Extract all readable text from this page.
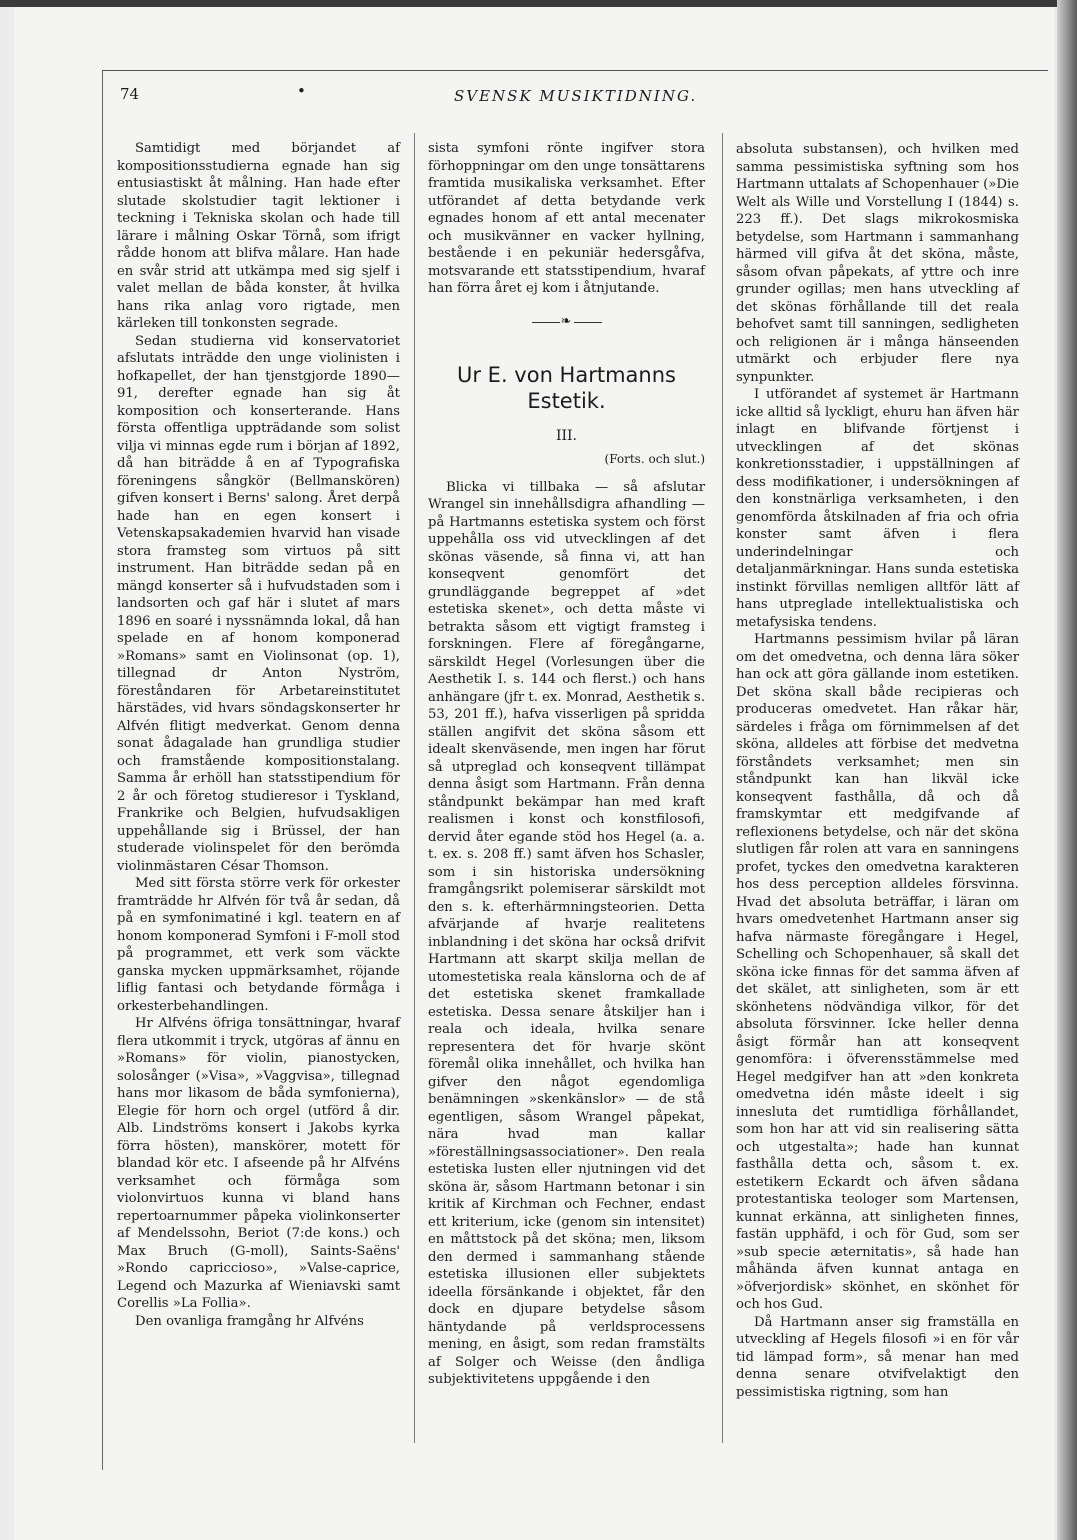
74	•	SVENSK MUSIKTIDNING.

Samtidigt med börjandet af kompositionsstudierna egnade han sig entusiastiskt åt målning. Han hade efter slutade skolstudier tagit lektioner i teckning i Tekniska skolan och hade till lärare i målning Oskar Törnå, som ifrigt rådde honom att blifva målare. Han hade en svår strid att utkämpa med sig sjelf i valet mellan de båda konster, åt hvilka hans rika anlag voro rigtade, men kärleken till tonkonsten segrade.

Sedan studierna vid konservatoriet afslutats inträdde den unge violinisten i hofkapellet, der han tjenstgjorde 1890—91, derefter egnade han sig åt komposition och konserterande. Hans första offentliga uppträdande som solist vilja vi minnas egde rum i början af 1892, då han biträdde å en af Typografiska föreningens sångkör (Bellmanskören) gifven konsert i Berns' salong. Året derpå hade han en egen konsert i Vetenskapsakademien hvarvid han visade stora framsteg som virtuos på sitt instrument. Han biträdde sedan på en mängd konserter så i hufvudstaden som i landsorten och gaf här i slutet af mars 1896 en soaré i nyssnämnda lokal, då han spelade en af honom komponerad »Romans» samt en Violinsonat (op. 1), tillegnad dr Anton Nyström, föreståndaren för Arbetareinstitutet härstädes, vid hvars söndagskonserter hr Alfvén flitigt medverkat. Genom denna sonat ådagalade han grundliga studier och framstående kompositionstalang. Samma år erhöll han statsstipendium för 2 år och företog studieresor i Tyskland, Frankrike och Belgien, hufvudsakligen uppehållande sig i Brüssel, der han studerade violinspelet för den berömda violinmästaren César Thomson.

Med sitt första större verk för orkester framträdde hr Alfvén för två år sedan, då på en symfonimatiné i kgl. teatern en af honom komponerad Symfoni i F-moll stod på programmet, ett verk som väckte ganska mycken uppmärksamhet, röjande liflig fantasi och betydande förmåga i orkesterbehandlingen.

Hr Alfvéns öfriga tonsättningar, hvaraf flera utkommit i tryck, utgöras af ännu en »Romans» för violin, pianostycken, solosånger (»Visa», »Vaggvisa», tillegnad hans mor likasom de båda symfonierna), Elegie för horn och orgel (utförd å dir. Alb. Lindströms konsert i Jakobs kyrka förra hösten), manskörer, motett för blandad kör etc. I afseende på hr Alfvéns verksamhet och förmåga som violonvirtuos kunna vi bland hans repertoarnummer påpeka violinkonserter af Mendelssohn, Beriot (7:de kons.) och Max Bruch (G-moll), Saints-Saëns' »Rondo capriccioso», »Valse-caprice, Legend och Mazurka af Wieniavski samt Corellis »La Follia».

Den ovanliga framgång hr Alfvéns

sista symfoni rönte ingifver stora förhoppningar om den unge tonsättarens framtida musikaliska verksamhet. Efter utförandet af detta betydande verk egnades honom af ett antal mecenater och musikvänner en vacker hyllning, bestående i en pekuniär hedersgåfva, motsvarande ett statsstipendium, hvaraf han förra året ej kom i åtnjutande.

❧
Ur E. von Hartmanns
Estetik.
III.
(Forts. och slut.)

Blicka vi tillbaka — så afslutar Wrangel sin innehållsdigra afhandling — på Hartmanns estetiska system och först uppehålla oss vid utvecklingen af det skönas väsende, så finna vi, att han konseqvent genomfört det grundläggande begreppet af »det estetiska skenet», och detta måste vi betrakta såsom ett vigtigt framsteg i forskningen. Flere af föregångarne, särskildt Hegel (Vorlesungen über die Aesthetik I. s. 144 och flerst.) och hans anhängare (jfr t. ex. Monrad, Aesthetik s. 53, 201 ff.), hafva visserligen på spridda ställen angifvit det sköna såsom ett idealt skenväsende, men ingen har förut så utpreglad och konseqvent tillämpat denna åsigt som Hartmann. Från denna ståndpunkt bekämpar han med kraft realismen i konst och konstfilosofi, dervid åter egande stöd hos Hegel (a. a. t. ex. s. 208 ff.) samt äfven hos Schasler, som i sin historiska undersökning framgångsrikt polemiserar särskildt mot den s. k. efterhärmningsteorien. Detta afvärjande af hvarje realitetens inblandning i det sköna har också drifvit Hartmann att skarpt skilja mellan de utomestetiska reala känslorna och de af det estetiska skenet framkallade estetiska. Dessa senare åtskiljer han i reala och ideala, hvilka senare representera det för hvarje skönt föremål olika innehållet, och hvilka han gifver den något egendomliga benämningen »skenkänslor» — de stå egentligen, såsom Wrangel påpekat, nära hvad man kallar »föreställningsassociationer». Den reala estetiska lusten eller njutningen vid det sköna är, såsom Hartmann betonar i sin kritik af Kirchman och Fechner, endast ett kriterium, icke (genom sin intensitet) en måttstock på det sköna; men, liksom den dermed i sammanhang stående estetiska illusionen eller subjektets ideella försänkande i objektet, får den dock en djupare betydelse såsom häntydande på verldsprocessens mening, en åsigt, som redan framstälts af Solger och Weisse (den åndliga subjektivitetens uppgående i den

absoluta substansen), och hvilken med samma pessimistiska syftning som hos Hartmann uttalats af Schopenhauer (»Die Welt als Wille und Vorstellung I (1844) s. 223 ff.). Det slags mikrokosmiska betydelse, som Hartmann i sammanhang härmed vill gifva åt det sköna, måste, såsom ofvan påpekats, af yttre och inre grunder ogillas; men hans utveckling af det skönas förhållande till det reala behofvet samt till sanningen, sedligheten och religionen är i många hänseenden utmärkt och erbjuder flere nya synpunkter.

I utförandet af systemet är Hartmann icke alltid så lyckligt, ehuru han äfven här inlagt en blifvande förtjenst i utvecklingen af det skönas konkretionsstadier, i uppställningen af dess modifikationer, i undersökningen af den konstnärliga verksamheten, i den genomförda åtskilnaden af fria och ofria konster samt äfven i flera underindelningar och detaljanmärkningar. Hans sunda estetiska instinkt förvillas nemligen alltför lätt af hans utpreglade intellektualistiska och metafysiska tendens.

Hartmanns pessimism hvilar på läran om det omedvetna, och denna lära söker han ock att göra gällande inom estetiken. Det sköna skall både recipieras och produceras omedvetet. Han råkar här, särdeles i fråga om förnimmelsen af det sköna, alldeles att förbise det medvetna förståndets verksamhet; men sin ståndpunkt kan han likväl icke konseqvent fasthålla, då och då framskymtar ett medgifvande af reflexionens betydelse, och när det sköna slutligen får rolen att vara en sanningens profet, tyckes den omedvetna karakteren hos dess perception alldeles försvinna. Hvad det absoluta beträffar, i läran om hvars omedvetenhet Hartmann anser sig hafva närmaste föregångare i Hegel, Schelling och Schopenhauer, så skall det sköna icke finnas för det samma äfven af det skälet, att sinligheten, som är ett skönhetens nödvändiga vilkor, för det absoluta försvinner. Icke heller denna åsigt förmår han att konseqvent genomföra: i öfverensstämmelse med Hegel medgifver han att »den konkreta omedvetna idén måste ideelt i sig innesluta det rumtidliga förhållandet, som hon har att vid sin realisering sätta och utgestalta»; hade han kunnat fasthålla detta och, såsom t. ex. estetikern Eckardt och äfven sådana protestantiska teologer som Martensen, kunnat erkänna, att sinligheten finnes, fastän upphäfd, i och för Gud, som ser »sub specie æternitatis», så hade han måhända äfven kunnat antaga en »öfverjordisk» skönhet, en skönhet för och hos Gud.

Då Hartmann anser sig framställa en utveckling af Hegels filosofi »i en för vår tid lämpad form», så menar han med denna senare otvifvelaktigt den pessimistiska rigtning, som han
